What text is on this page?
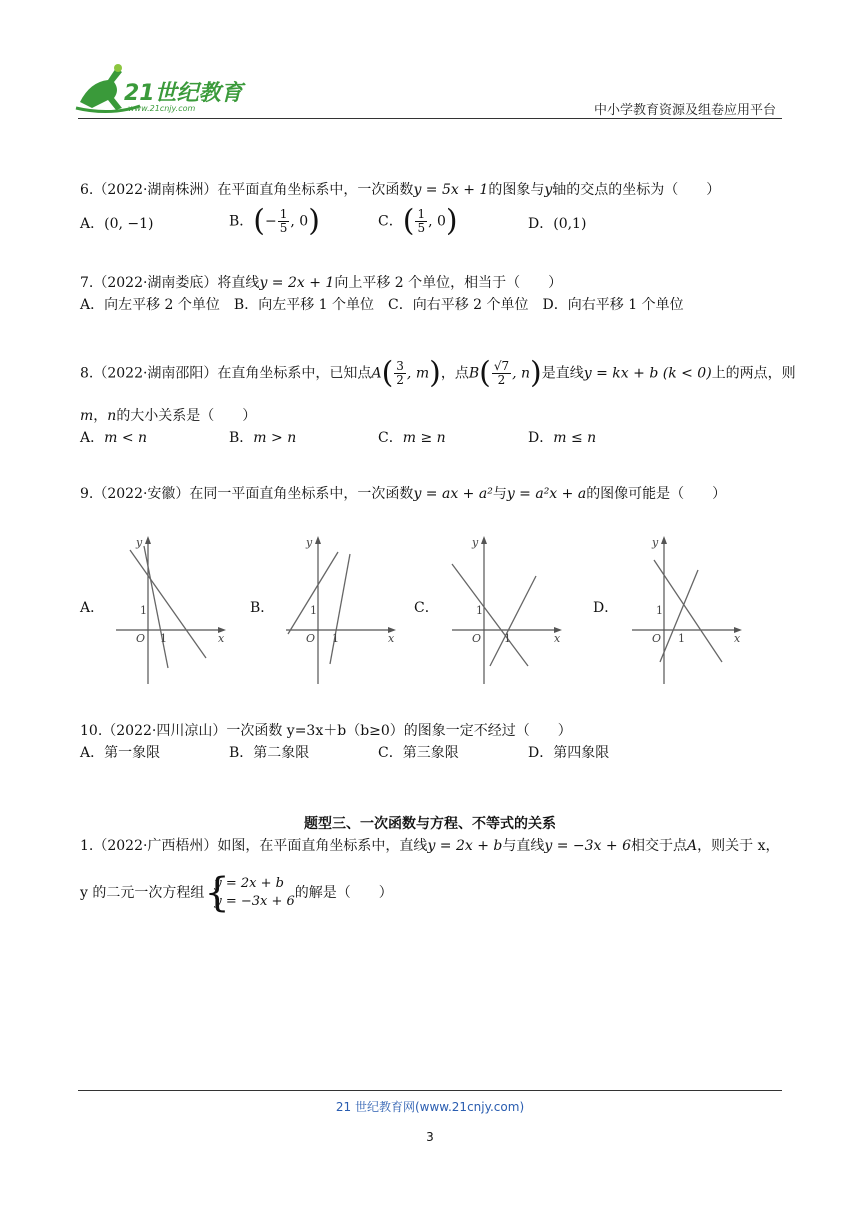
21世纪教育
www.21cnjy.com	中小学教育资源及组卷应用平台
6.（2022·湖南株洲）在平面直角坐标系中，一次函数y = 5x + 1的图象与y轴的交点的坐标为（　　）
A．(0, −1)	B．(− $\frac{1}{5}$ , 0)	C．( $\frac{1}{5}$ , 0)	D．(0,1)
7.（2022·湖南娄底）将直线y = 2x + 1向上平移 2 个单位，相当于（　　）
A．向左平移 2 个单位　B．向左平移 1 个单位　C．向右平移 2 个单位　D．向右平移 1 个单位
8.（2022·湖南邵阳）在直角坐标系中，已知点$A( \frac{3}{2}$ , m)，点$B( \frac{√7}{2}$ , n)是直线y = kx + b (k < 0)上的两点，则
m，n的大小关系是（　　）
A．m < n	B．m > n	C．m ≥ n	D．m ≤ n
9.（2022·安徽）在同一平面直角坐标系中，一次函数y = ax + a²与y = a²x + a的图像可能是（　　）
A．	B．	C．	D．
y
x
O
1
1
y
x
O
1
1
y
x
O
1
1
y
x
O
1
1
10.（2022·四川凉山）一次函数 y=3x＋b（b≥0）的图象一定不经过（　　）
A．第一象限	B．第二象限	C．第三象限	D．第四象限
题型三、一次函数与方程、不等式的关系
1.（2022·广西梧州）如图，在平面直角坐标系中，直线y = 2x + b与直线y = −3x + 6相交于点A，则关于 x，
y 的二元一次方程组 {
y = 2x + b
y = −3x + 6
的解是（　　）
21 世纪教育网(www.21cnjy.com)
3
